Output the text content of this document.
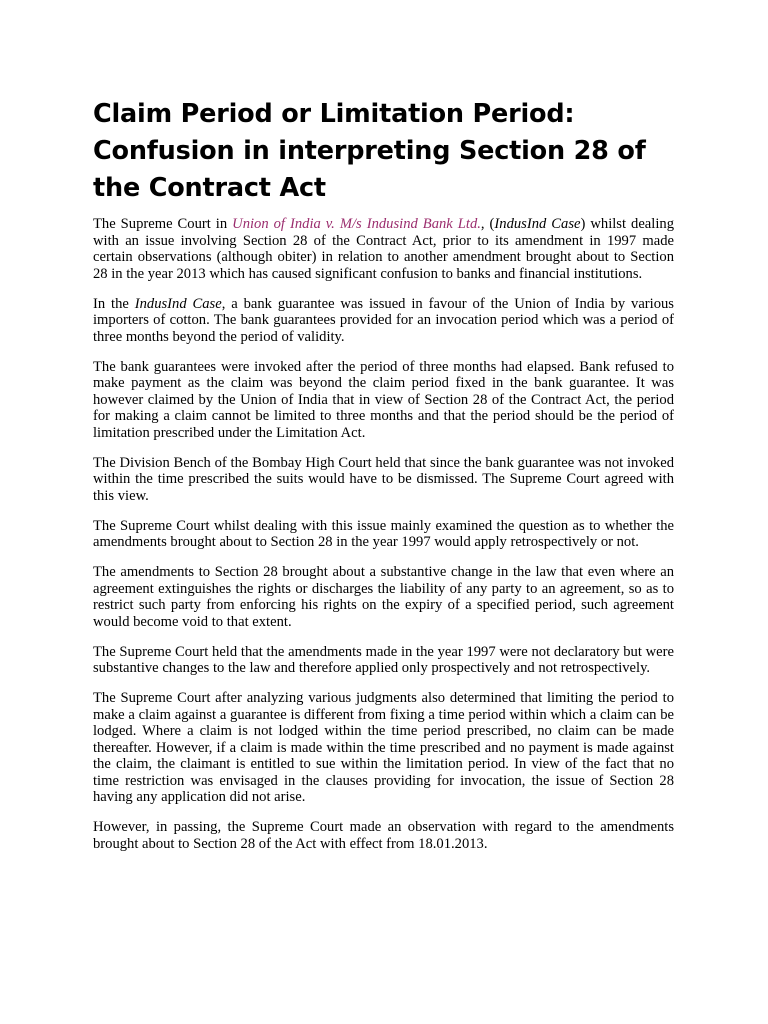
Claim Period or Limitation Period: Confusion in interpreting Section 28 of the Contract Act

The Supreme Court in Union of India v. M/s Indusind Bank Ltd., (IndusInd Case) whilst dealing with an issue involving Section 28 of the Contract Act, prior to its amendment in 1997 made certain observations (although obiter) in relation to another amendment brought about to Section 28 in the year 2013 which has caused significant confusion to banks and financial institutions.

In the IndusInd Case, a bank guarantee was issued in favour of the Union of India by various importers of cotton. The bank guarantees provided for an invocation period which was a period of three months beyond the period of validity.

The bank guarantees were invoked after the period of three months had elapsed. Bank refused to make payment as the claim was beyond the claim period fixed in the bank guarantee. It was however claimed by the Union of India that in view of Section 28 of the Contract Act, the period for making a claim cannot be limited to three months and that the period should be the period of limitation prescribed under the Limitation Act.

The Division Bench of the Bombay High Court held that since the bank guarantee was not invoked within the time prescribed the suits would have to be dismissed. The Supreme Court agreed with this view.

The Supreme Court whilst dealing with this issue mainly examined the question as to whether the amendments brought about to Section 28 in the year 1997 would apply retrospectively or not.

The amendments to Section 28 brought about a substantive change in the law that even where an agreement extinguishes the rights or discharges the liability of any party to an agreement, so as to restrict such party from enforcing his rights on the expiry of a specified period, such agreement would become void to that extent.

The Supreme Court held that the amendments made in the year 1997 were not declaratory but were substantive changes to the law and therefore applied only prospectively and not retrospectively.

The Supreme Court after analyzing various judgments also determined that limiting the period to make a claim against a guarantee is different from fixing a time period within which a claim can be lodged. Where a claim is not lodged within the time period prescribed, no claim can be made thereafter. However, if a claim is made within the time prescribed and no payment is made against the claim, the claimant is entitled to sue within the limitation period. In view of the fact that no time restriction was envisaged in the clauses providing for invocation, the issue of Section 28 having any application did not arise.

However, in passing, the Supreme Court made an observation with regard to the amendments brought about to Section 28 of the Act with effect from 18.01.2013.
